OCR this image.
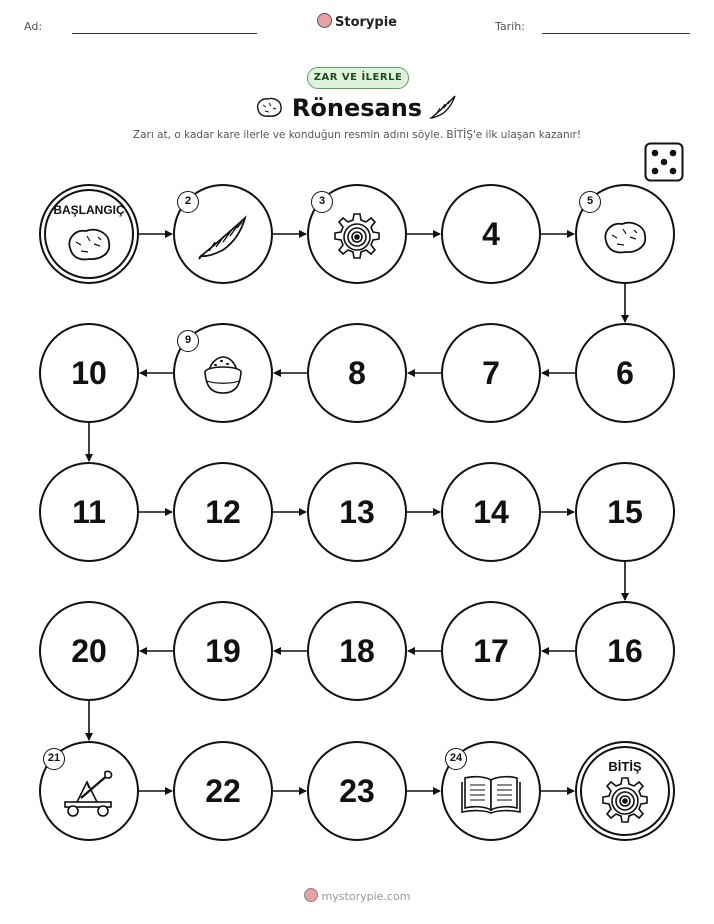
Ad:	Storypie	Tarih:
ZAR VE İLERLE
Rönesans
Zarı at, o kadar kare ilerle ve konduğun resmin adını söyle. BİTİŞ'e ilk ulaşan kazanır!
BAŞLANGIÇ
2	3
4
5
6
7
8
9
10
11	12	13	14	15
16
17
18
19
20
21
22	23
24
BİTİŞ
mystorypie.com
